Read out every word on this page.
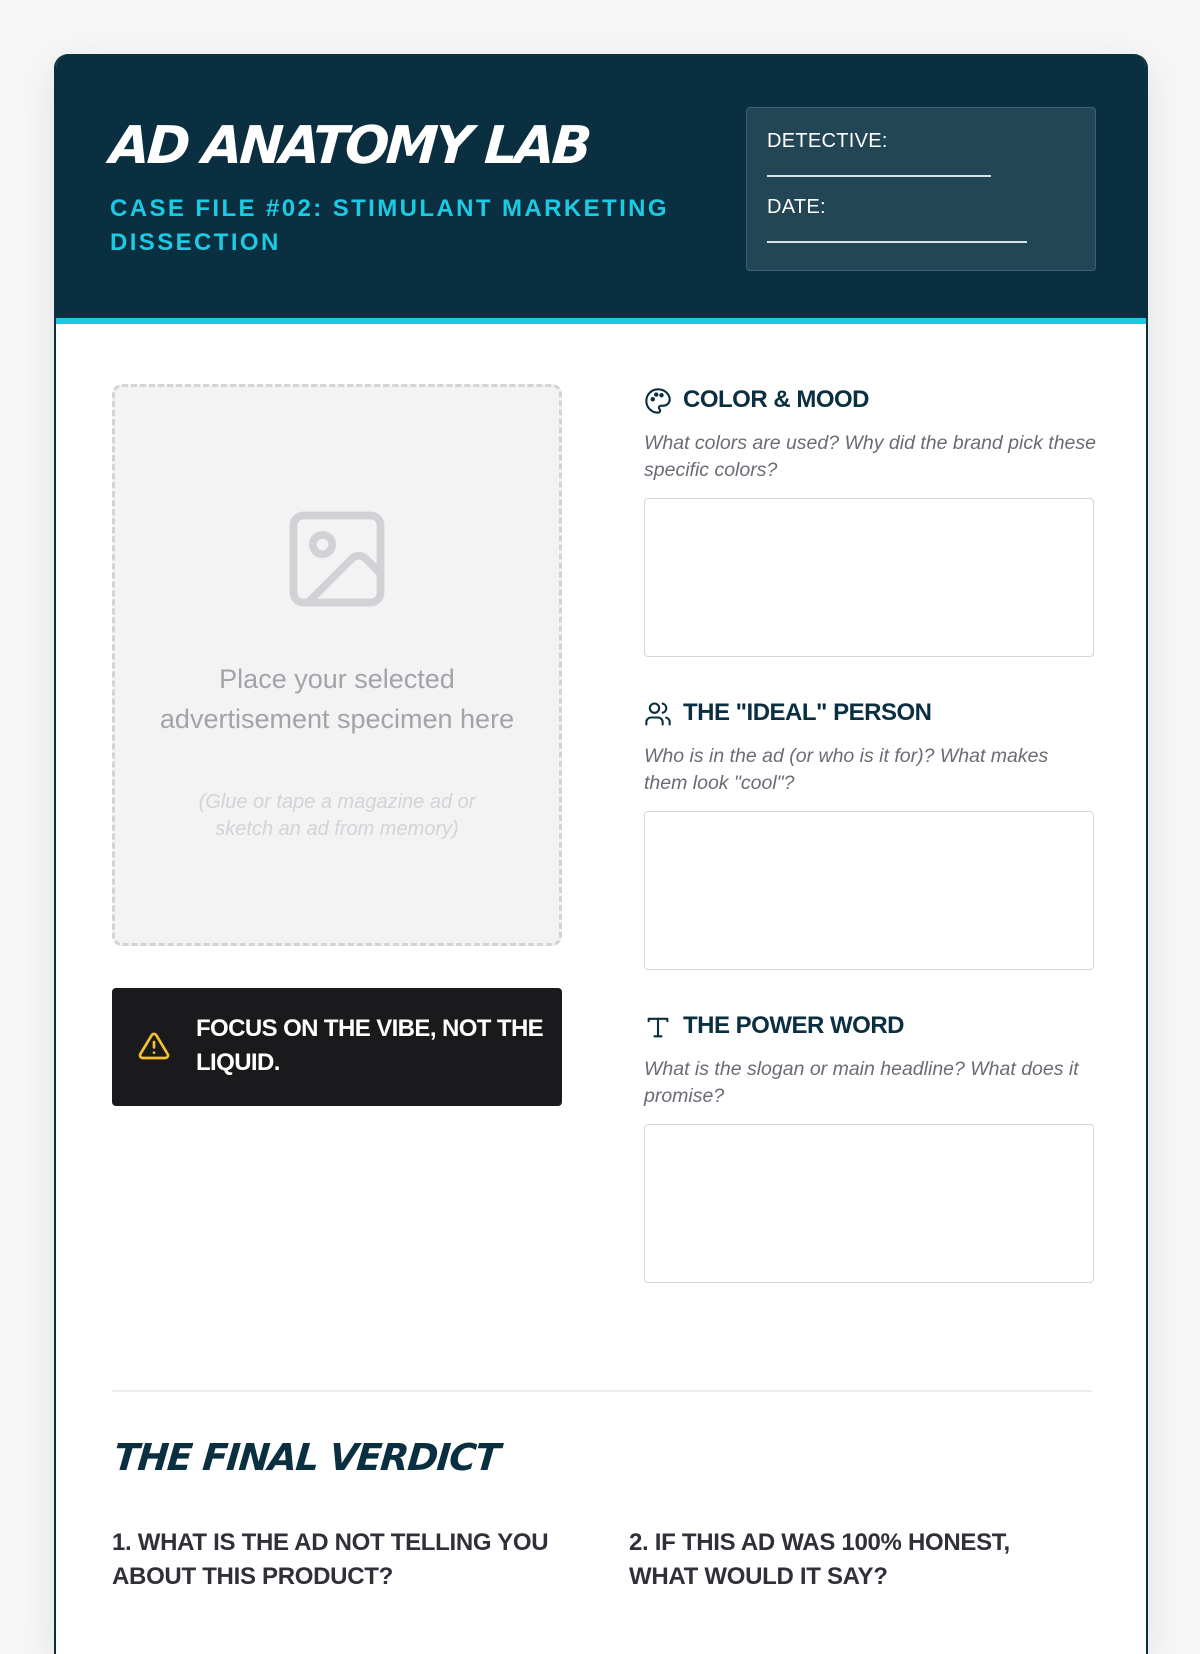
AD ANATOMY LAB

CASE FILE #02: STIMULANT MARKETING DISSECTION

DETECTIVE:
DATE:
Place your selected advertisement specimen here
(Glue or tape a magazine ad or sketch an ad from memory)
FOCUS ON THE VIBE, NOT THE LIQUID.
COLOR & MOOD

What colors are used? Why did the brand pick these specific colors?

THE "IDEAL" PERSON

Who is in the ad (or who is it for)? What makes them look "cool"?

THE POWER WORD

What is the slogan or main headline? What does it promise?

THE FINAL VERDICT

1. WHAT IS THE AD NOT TELLING YOU ABOUT THIS PRODUCT?

2. IF THIS AD WAS 100% HONEST, WHAT WOULD IT SAY?
